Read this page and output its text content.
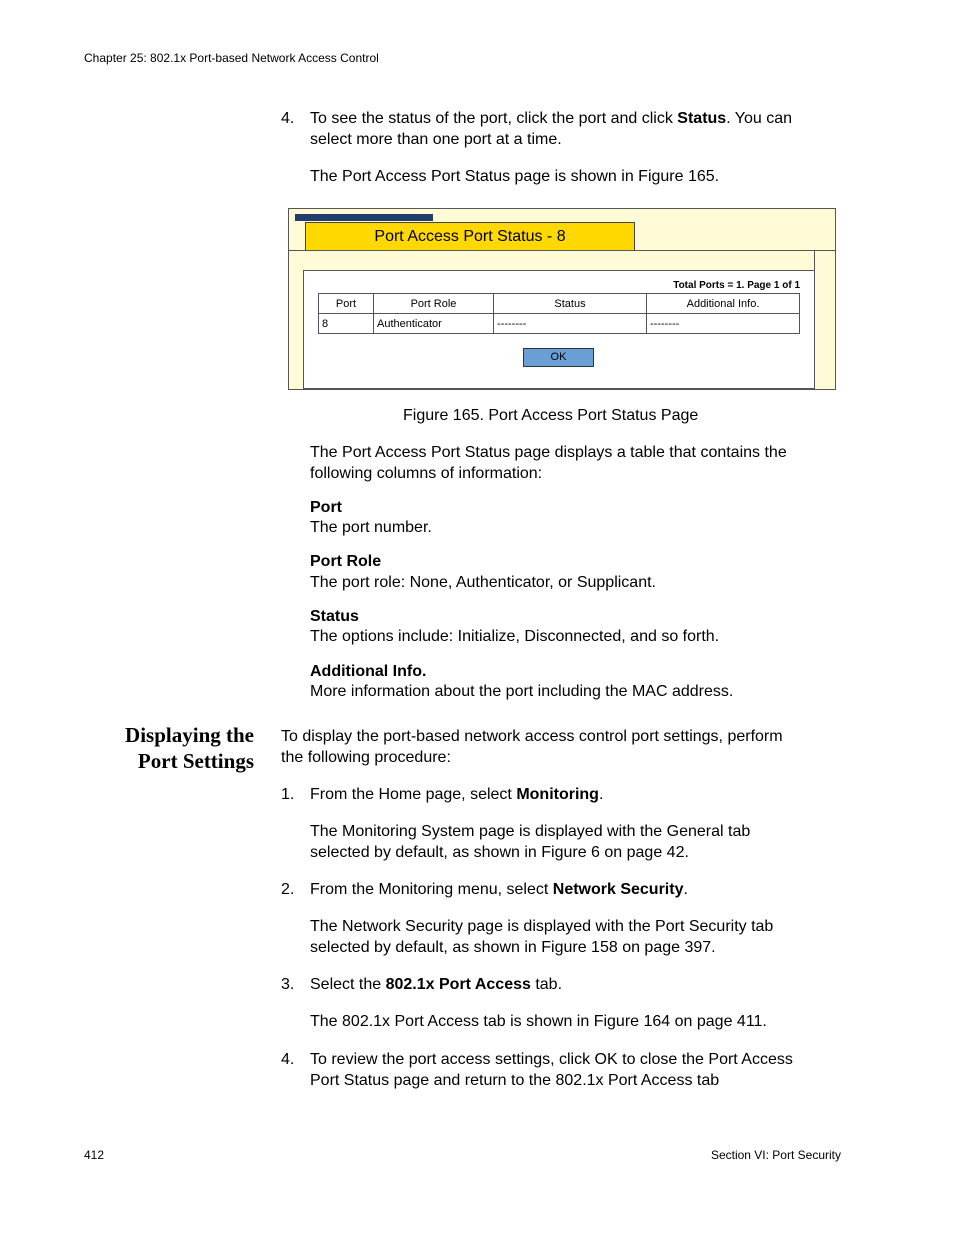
Chapter 25: 802.1x Port-based Network Access Control
4. To see the status of the port, click the port and click Status. You can
select more than one port at a time.
The Port Access Port Status page is shown in Figure 165.
Port Access Port Status - 8
Total Ports = 1. Page 1 of 1
Port	Port Role	Status	Additional Info.
8	Authenticator	--------	--------
OK
Figure 165. Port Access Port Status Page
The Port Access Port Status page displays a table that contains the
following columns of information:
Port
The port number.
Port Role
The port role: None, Authenticator, or Supplicant.
Status
The options include: Initialize, Disconnected, and so forth.
Additional Info.
More information about the port including the MAC address.
Displaying the
Port Settings
To display the port-based network access control port settings, perform
the following procedure:
1. From the Home page, select Monitoring.
The Monitoring System page is displayed with the General tab
selected by default, as shown in Figure 6 on page 42.
2. From the Monitoring menu, select Network Security.
The Network Security page is displayed with the Port Security tab
selected by default, as shown in Figure 158 on page 397.
3. Select the 802.1x Port Access tab.
The 802.1x Port Access tab is shown in Figure 164 on page 411.
4. To review the port access settings, click OK to close the Port Access
Port Status page and return to the 802.1x Port Access tab
412	Section VI: Port Security
